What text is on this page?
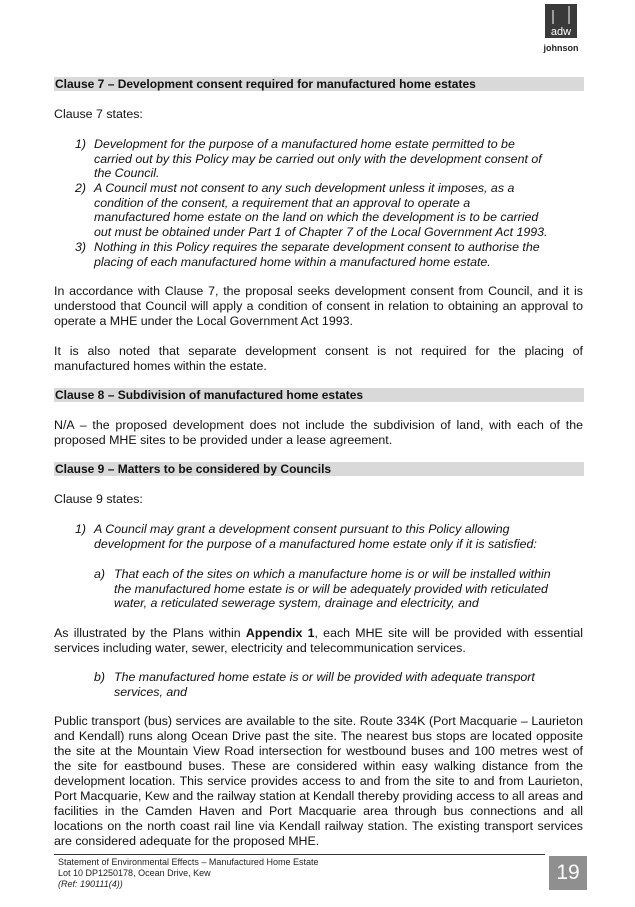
adw
johnson
Clause 7 – Development consent required for manufactured home estates

Clause 7 states:

1) Development for the purpose of a manufactured home estate permitted to be

carried out by this Policy may be carried out only with the development consent of

the Council.

2) A Council must not consent to any such development unless it imposes, as a

condition of the consent, a requirement that an approval to operate a

manufactured home estate on the land on which the development is to be carried

out must be obtained under Part 1 of Chapter 7 of the Local Government Act 1993.

3) Nothing in this Policy requires the separate development consent to authorise the

placing of each manufactured home within a manufactured home estate.

In accordance with Clause 7, the proposal seeks development consent from Council, and it is understood that Council will apply a condition of consent in relation to obtaining an approval to operate a MHE under the Local Government Act 1993.

It is also noted that separate development consent is not required for the placing of manufactured homes within the estate.

Clause 8 – Subdivision of manufactured home estates

N/A – the proposed development does not include the subdivision of land, with each of the proposed MHE sites to be provided under a lease agreement.

Clause 9 – Matters to be considered by Councils

Clause 9 states:

1) A Council may grant a development consent pursuant to this Policy allowing

development for the purpose of a manufactured home estate only if it is satisfied:

a) That each of the sites on which a manufacture home is or will be installed within

the manufactured home estate is or will be adequately provided with reticulated

water, a reticulated sewerage system, drainage and electricity, and

As illustrated by the Plans within Appendix 1, each MHE site will be provided with essential services including water, sewer, electricity and telecommunication services.

b) The manufactured home estate is or will be provided with adequate transport

services, and

Public transport (bus) services are available to the site. Route 334K (Port Macquarie – Laurieton and Kendall) runs along Ocean Drive past the site. The nearest bus stops are located opposite the site at the Mountain View Road intersection for westbound buses and 100 metres west of the site for eastbound buses. These are considered within easy walking distance from the development location. This service provides access to and from the site to and from Laurieton, Port Macquarie, Kew and the railway station at Kendall thereby providing access to all areas and facilities in the Camden Haven and Port Macquarie area through bus connections and all locations on the north coast rail line via Kendall railway station. The existing transport services are considered adequate for the proposed MHE.

Statement of Environmental Effects – Manufactured Home Estate
Lot 10 DP1250178, Ocean Drive, Kew
(Ref: 190111(4))	19
